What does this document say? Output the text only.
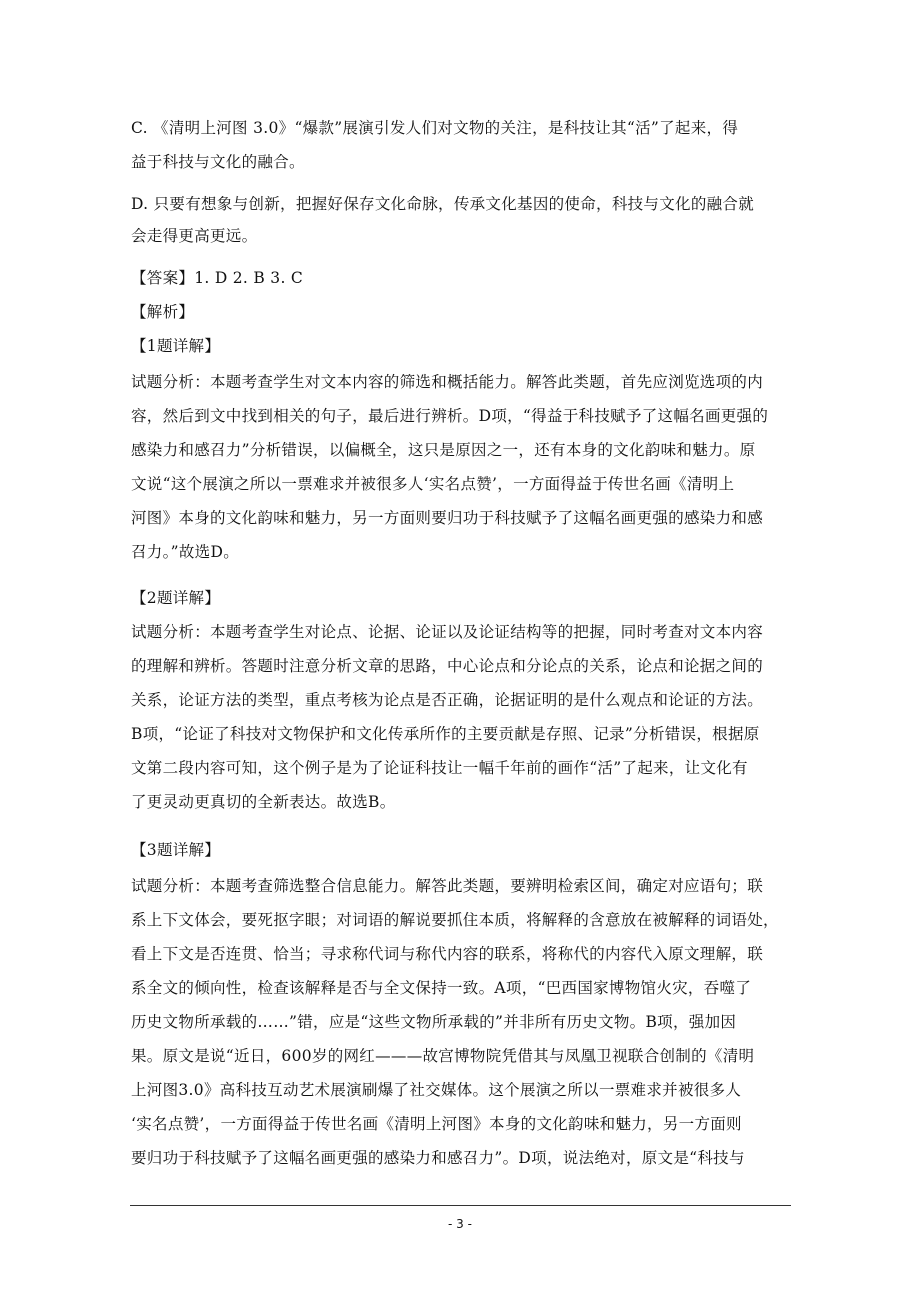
C. 《清明上河图 3.0》“爆款”展演引发人们对文物的关注，是科技让其“活”了起来，得
益于科技与文化的融合。
D. 只要有想象与创新，把握好保存文化命脉，传承文化基因的使命，科技与文化的融合就
会走得更高更远。
【答案】1. D 2. B 3. C
【解析】
【1题详解】
试题分析：本题考查学生对文本内容的筛选和概括能力。解答此类题，首先应浏览选项的内
容，然后到文中找到相关的句子，最后进行辨析。D项，“得益于科技赋予了这幅名画更强的
感染力和感召力”分析错误，以偏概全，这只是原因之一，还有本身的文化韵味和魅力。原
文说“这个展演之所以一票难求并被很多人‘实名点赞’，一方面得益于传世名画《清明上
河图》本身的文化韵味和魅力，另一方面则要归功于科技赋予了这幅名画更强的感染力和感
召力。”故选D。
【2题详解】
试题分析：本题考查学生对论点、论据、论证以及论证结构等的把握，同时考查对文本内容
的理解和辨析。答题时注意分析文章的思路，中心论点和分论点的关系，论点和论据之间的
关系，论证方法的类型，重点考核为论点是否正确，论据证明的是什么观点和论证的方法。
B项，“论证了科技对文物保护和文化传承所作的主要贡献是存照、记录”分析错误，根据原
文第二段内容可知，这个例子是为了论证科技让一幅千年前的画作“活”了起来，让文化有
了更灵动更真切的全新表达。故选B。
【3题详解】
试题分析：本题考查筛选整合信息能力。解答此类题，要辨明检索区间，确定对应语句；联
系上下文体会，要死抠字眼；对词语的解说要抓住本质，将解释的含意放在被解释的词语处，
看上下文是否连贯、恰当；寻求称代词与称代内容的联系，将称代的内容代入原文理解，联
系全文的倾向性，检查该解释是否与全文保持一致。A项，“巴西国家博物馆火灾，吞噬了
历史文物所承载的……”错，应是“这些文物所承载的”并非所有历史文物。B项，强加因
果。原文是说“近日，600岁的网红———故宫博物院凭借其与凤凰卫视联合创制的《清明
上河图3.0》高科技互动艺术展演刷爆了社交媒体。这个展演之所以一票难求并被很多人
‘实名点赞’，一方面得益于传世名画《清明上河图》本身的文化韵味和魅力，另一方面则
要归功于科技赋予了这幅名画更强的感染力和感召力”。D项，说法绝对，原文是“科技与
- 3 -
